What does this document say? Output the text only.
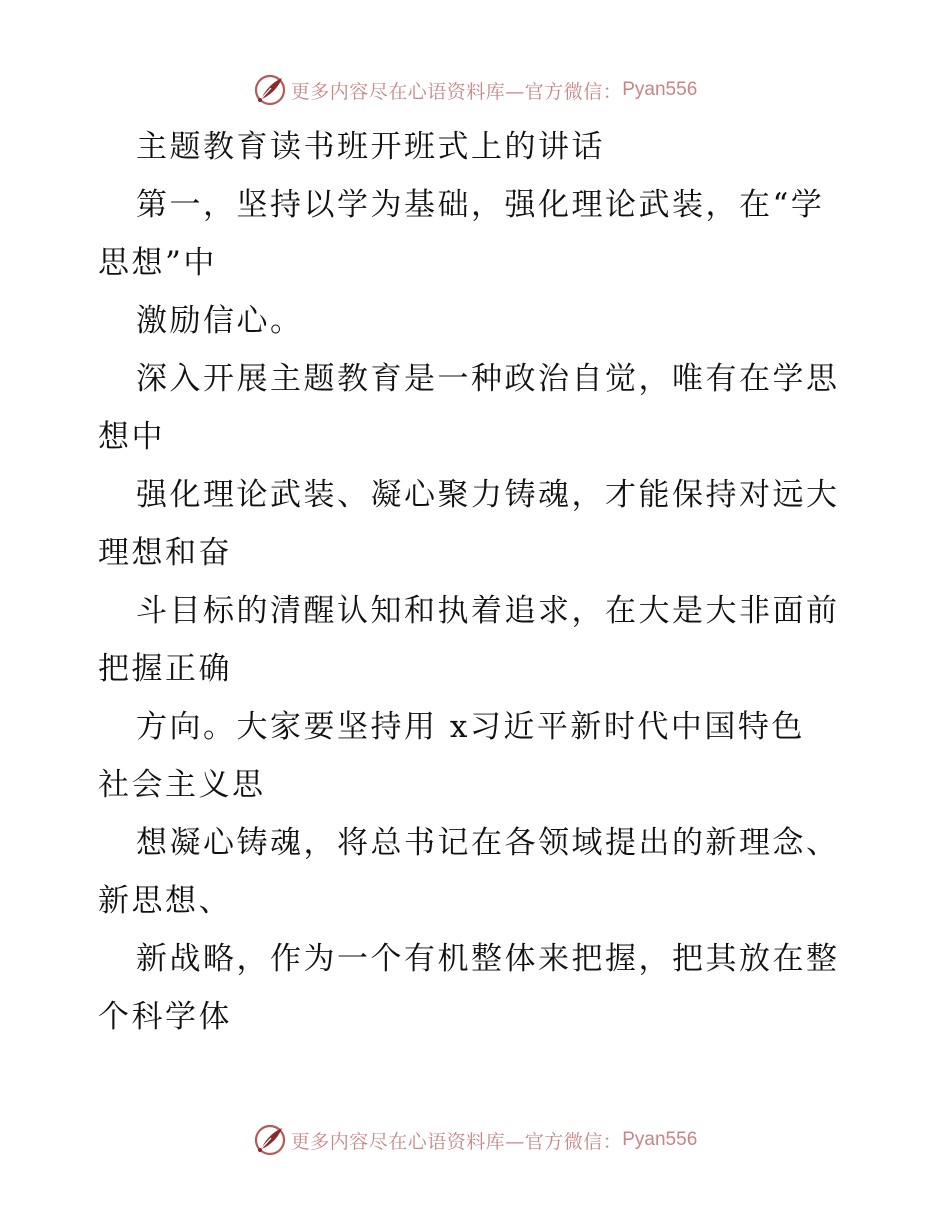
更多内容尽在心语资料库—官方微信： Pyan556
主题教育读书班开班式上的讲话
第一，坚持以学为基础，强化理论武装，在“学
思想”中
激励信心。
深入开展主题教育是一种政治自觉，唯有在学思
想中
强化理论武装、凝心聚力铸魂，才能保持对远大
理想和奋
斗目标的清醒认知和执着追求，在大是大非面前
把握正确
方向。大家要坚持用 x习近平新时代中国特色
社会主义思
想凝心铸魂，将总书记在各领域提出的新理念、
新思想、
新战略，作为一个有机整体来把握，把其放在整
个科学体
更多内容尽在心语资料库—官方微信： Pyan556
